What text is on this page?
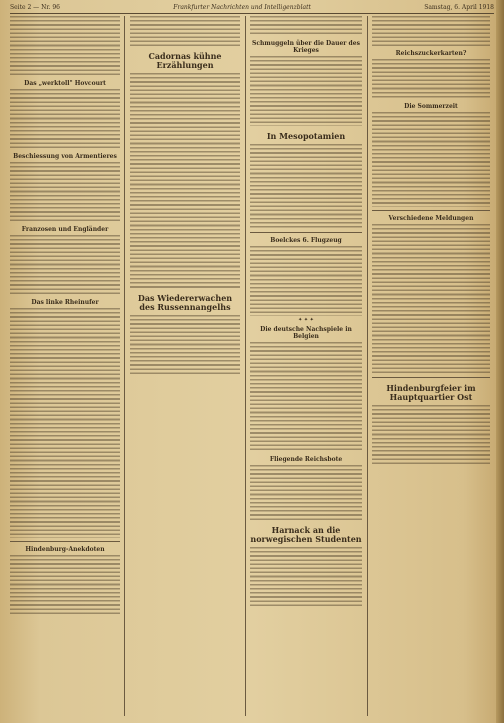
Seite 2 — Nr. 96	Frankfurter Nachrichten und Intelligenzblatt	Samstag, 6. April 1918
Das „werktoll" Hovcourt
Beschiessung von Armentieres
Franzosen und Engländer
Das linke Rheinufer
Hindenburg-Anekdoten
Cadornas kühne Erzählungen
Das Wiedererwachen des Russennangelhs
Schmuggeln über die Dauer des Krieges
In Mesopotamien
Boelckes 6. Flugzeug
✦ ✦ ✦
Die deutsche Nachspiele in Belgien
Fliegende Reichsbote
Harnack an die norwegischen Studenten
Reichszuckerkarten?
Die Sommerzeit
Verschiedene Meldungen
Hindenburgfeier im Hauptquartier Ost
